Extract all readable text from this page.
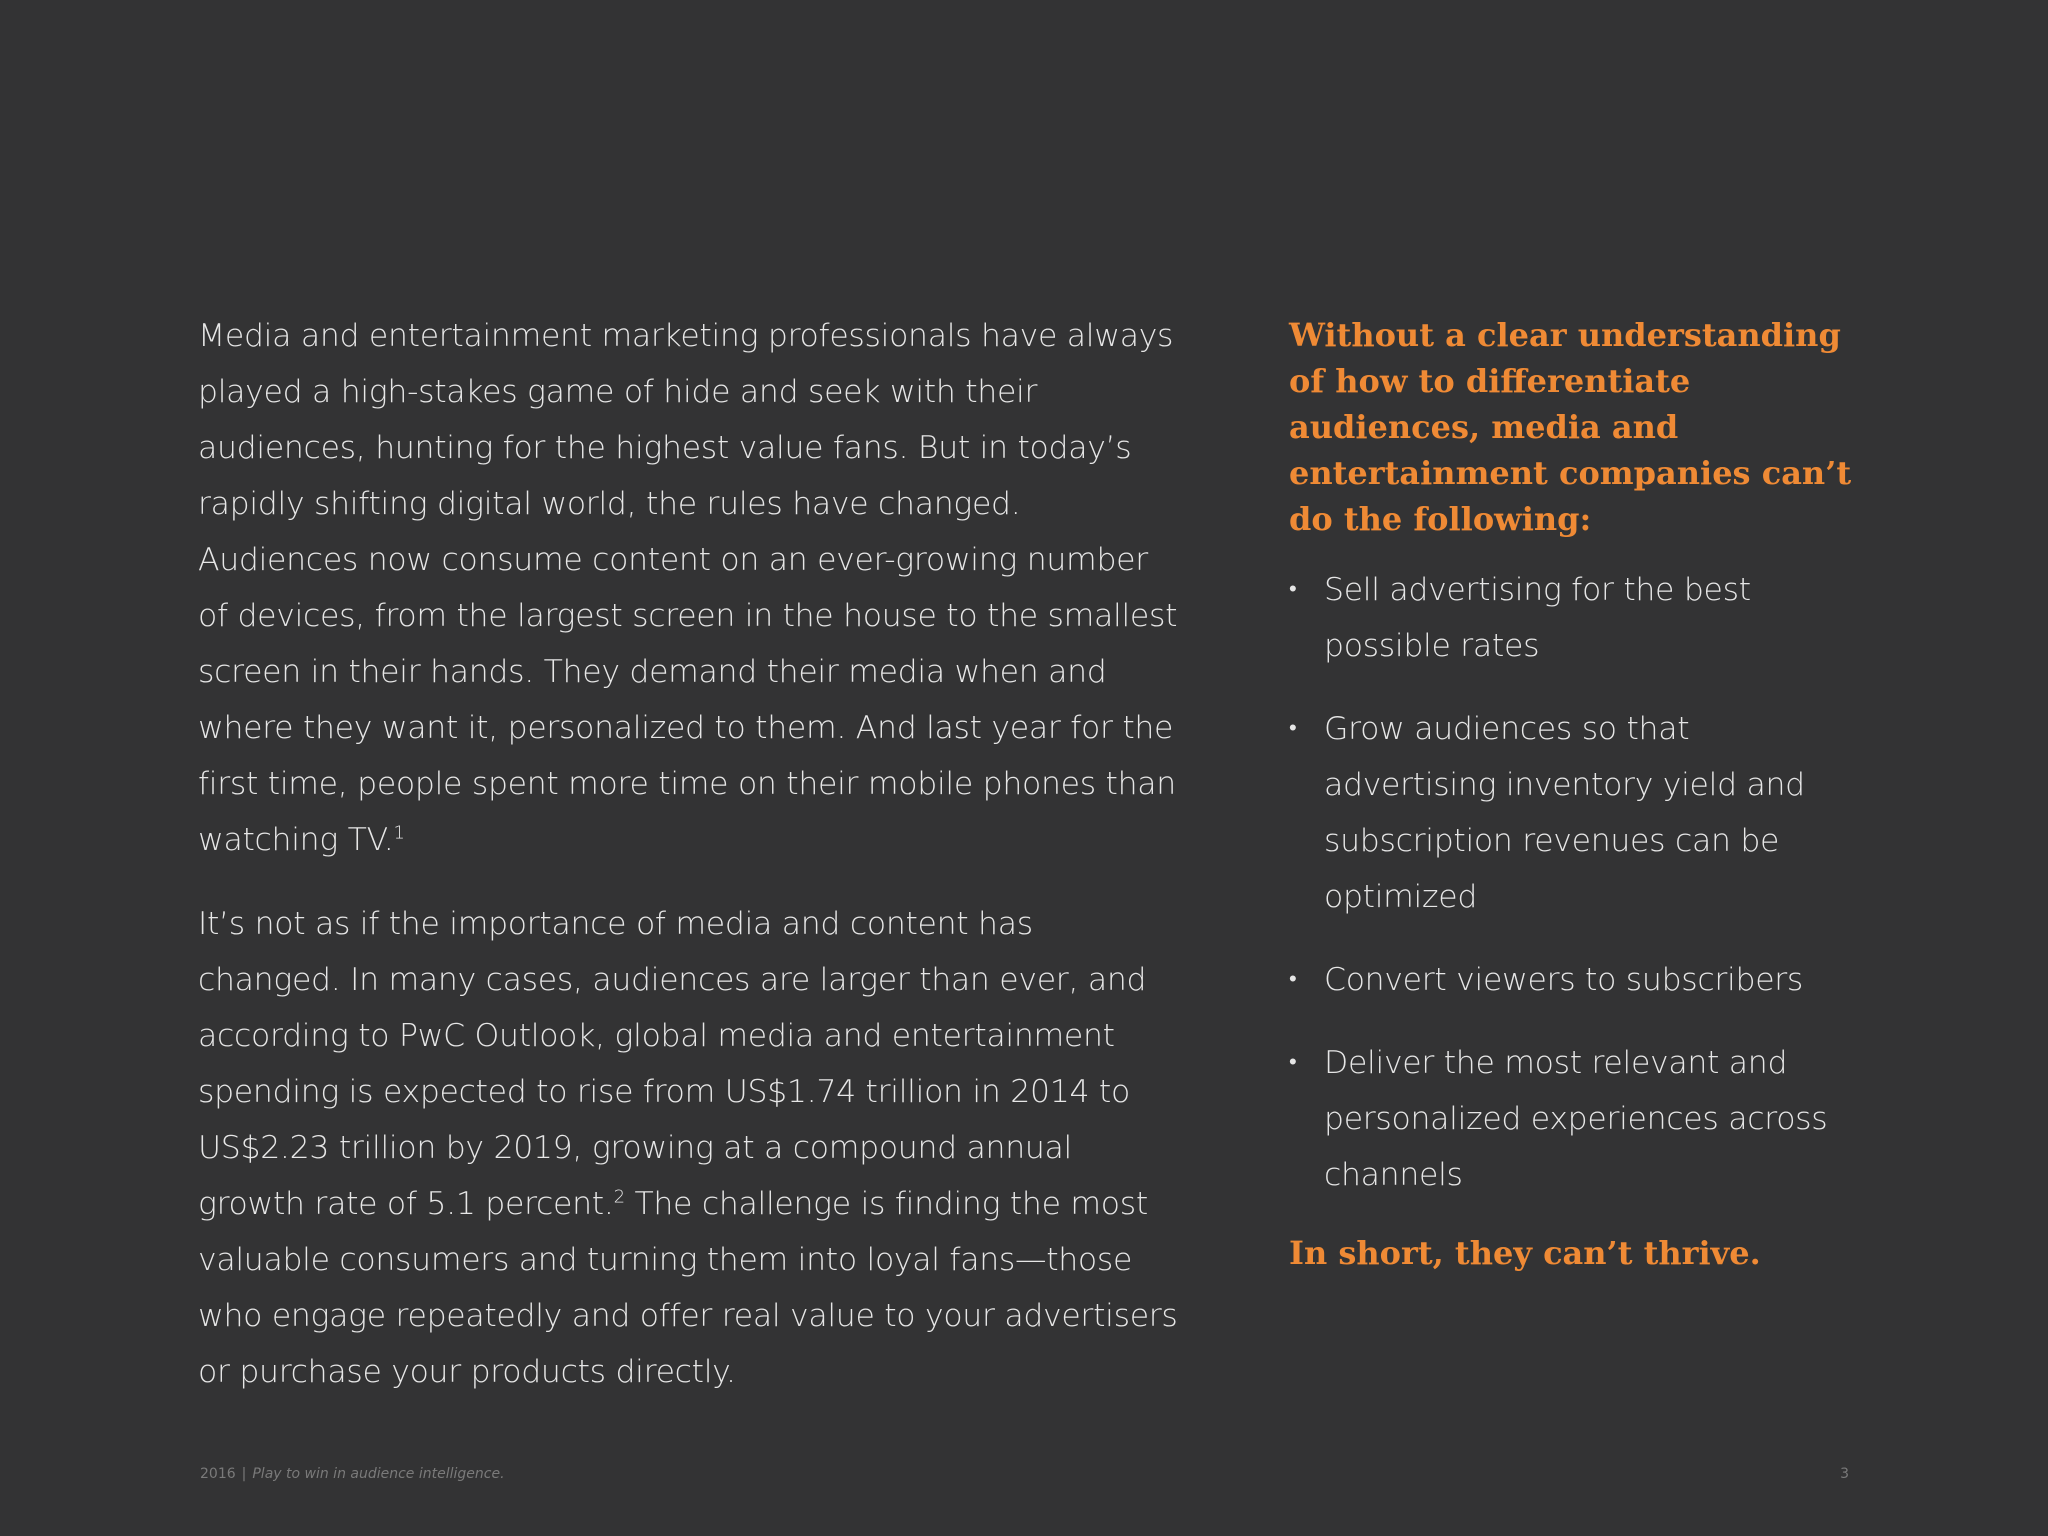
Media and entertainment marketing professionals have always played a high-stakes game of hide and seek with their audiences, hunting for the highest value fans. But in today’s rapidly shifting digital world, the rules have changed. Audiences now consume content on an ever-growing number of devices, from the largest screen in the house to the smallest screen in their hands. They demand their media when and where they want it, personalized to them. And last year for the first time, people spent more time on their mobile phones than watching TV.$^1$

It’s not as if the importance of media and content has changed. In many cases, audiences are larger than ever, and according to PwC Outlook, global media and entertainment spending is expected to rise from US$1.74 trillion in 2014 to US$2.23 trillion by 2019, growing at a compound annual growth rate of 5.1 percent.$^2$ The challenge is finding the most valuable consumers and turning them into loyal fans—those who engage repeatedly and offer real value to your advertisers or purchase your products directly.

Without a clear understanding of how to differentiate audiences, media and entertainment companies can’t do the following:
• Sell advertising for the best possible rates
• Grow audiences so that advertising inventory yield and subscription revenues can be optimized
• Convert viewers to subscribers
• Deliver the most relevant and personalized experiences across channels

In short, they can’t thrive.

2016 | Play to win in audience intelligence.	3
